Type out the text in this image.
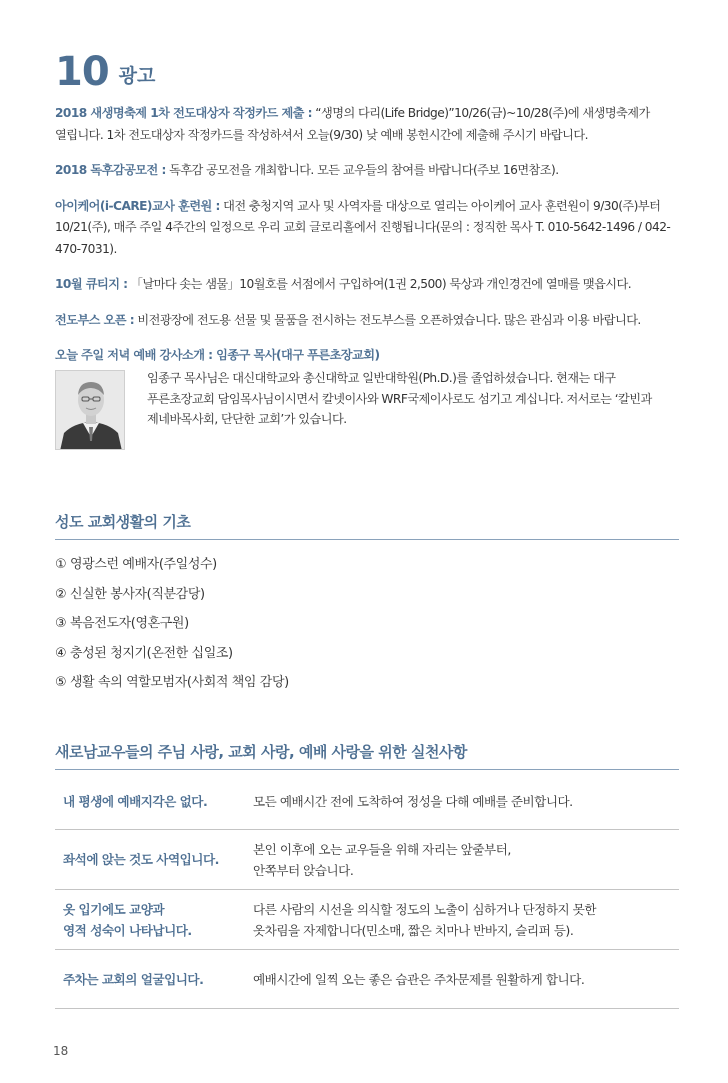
10 광고

2018 새생명축제 1차 전도대상자 작정카드 제출 : “생명의 다리(Life Bridge)”10/26(금)~10/28(주)에 새생명축제가 열립니다. 1차 전도대상자 작정카드를 작성하셔서 오늘(9/30) 낮 예배 봉헌시간에 제출해 주시기 바랍니다.

2018 독후감공모전 : 독후감 공모전을 개최합니다. 모든 교우들의 참여를 바랍니다(주보 16면참조).

아이케어(i-CARE)교사 훈련원 : 대전 충청지역 교사 및 사역자를 대상으로 열리는 아이케어 교사 훈련원이 9/30(주)부터 10/21(주), 매주 주일 4주간의 일정으로 우리 교회 글로리홀에서 진행됩니다(문의 : 정직한 목사 T. 010-5642-1496 / 042-470-7031).

10월 큐티지 : 「날마다 솟는 샘물」10월호를 서점에서 구입하여(1권 2,500) 묵상과 개인경건에 열매를 맺읍시다.

전도부스 오픈 : 비전광장에 전도용 선물 및 물품을 전시하는 전도부스를 오픈하였습니다. 많은 관심과 이용 바랍니다.

오늘 주일 저녁 예배 강사소개 : 임종구 목사(대구 푸른초장교회)

임종구 목사님은 대신대학교와 총신대학교 일반대학원(Ph.D.)를 졸업하셨습니다. 현재는 대구 푸른초장교회 담임목사님이시면서 칼넷이사와 WRF국제이사로도 섬기고 계십니다. 저서로는 ‘칼빈과 제네바목사회, 단단한 교회’가 있습니다.
성도 교회생활의 기초
① 영광스런 예배자(주일성수)
② 신실한 봉사자(직분감당)
③ 복음전도자(영혼구원)
④ 충성된 청지기(온전한 십일조)
⑤ 생활 속의 역할모범자(사회적 책임 감당)
새로남교우들의 주님 사랑, 교회 사랑, 예배 사랑을 위한 실천사항
내 평생에 예배지각은 없다.	모든 예배시간 전에 도착하여 정성을 다해 예배를 준비합니다.
좌석에 앉는 것도 사역입니다.
본인 이후에 오는 교우들을 위해 자리는 앞줄부터,
안쪽부터 앉습니다.
옷 입기에도 교양과
영적 성숙이 나타납니다.
다른 사람의 시선을 의식할 정도의 노출이 심하거나 단정하지 못한
옷차림을 자제합니다(민소매, 짧은 치마나 반바지, 슬리퍼 등).
주차는 교회의 얼굴입니다.	예배시간에 일찍 오는 좋은 습관은 주차문제를 원활하게 합니다.
18
